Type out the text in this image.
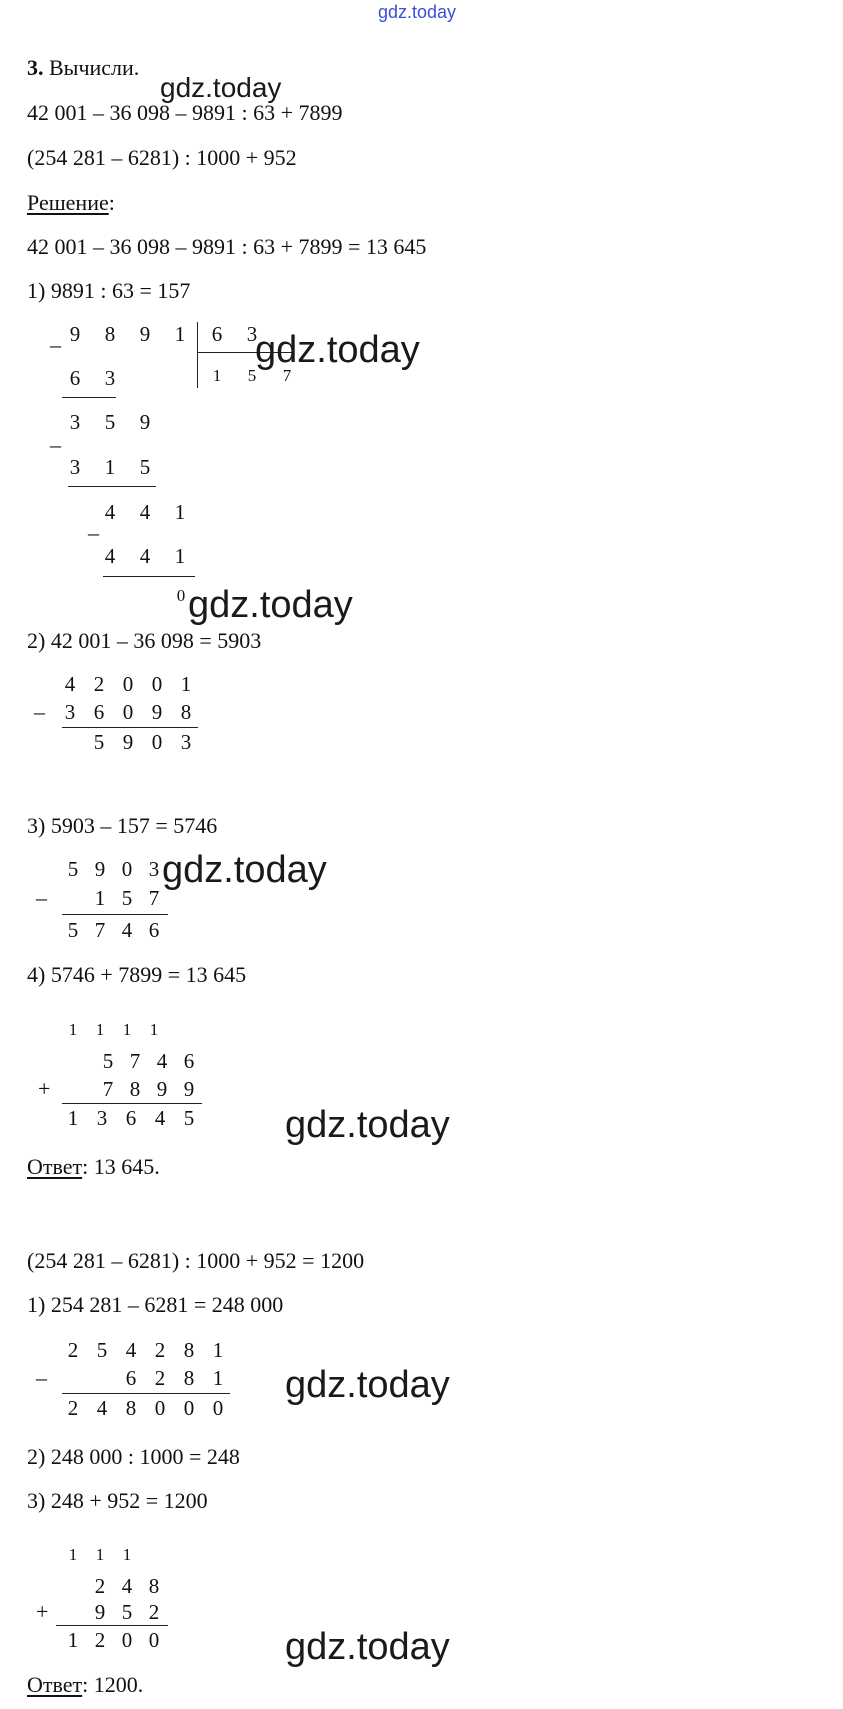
gdz.today
3. Вычисли.
gdz.today
42 001 – 36 098 – 9891 : 63 + 7899
(254 281 – 6281) : 1000 + 952
Решение:
42 001 – 36 098 – 9891 : 63 + 7899 = 13 645
1) 9891 : 63 = 157
– 9 8 9 1 6 3
1 5 7
6 3
–
3 5 9
3 1 5
–
4 4 1
4 4 1
0
gdz.today
gdz.today
2) 42 001 – 36 098 = 5903
4 2 0 0 1
– 3 6 0 9 8
5 9 0 3
3) 5903 – 157 = 5746
5 9 0 3
– 1 5 7
5 7 4 6
gdz.today
4) 5746 + 7899 = 13 645
1 1 1 1
5 7 4 6
+ 7 8 9 9
1 3 6 4 5 gdz.today
Ответ: 13 645.
(254 281 – 6281) : 1000 + 952 = 1200
1) 254 281 – 6281 = 248 000
2 5 4 2 8 1
–	6 2 8 1
2 4 8 0 0 0
gdz.today
2) 248 000 : 1000 = 248
3) 248 + 952 = 1200
1 1 1
2 4 8
+ 9 5 2
1 2 0 0	gdz.today
Ответ: 1200.
